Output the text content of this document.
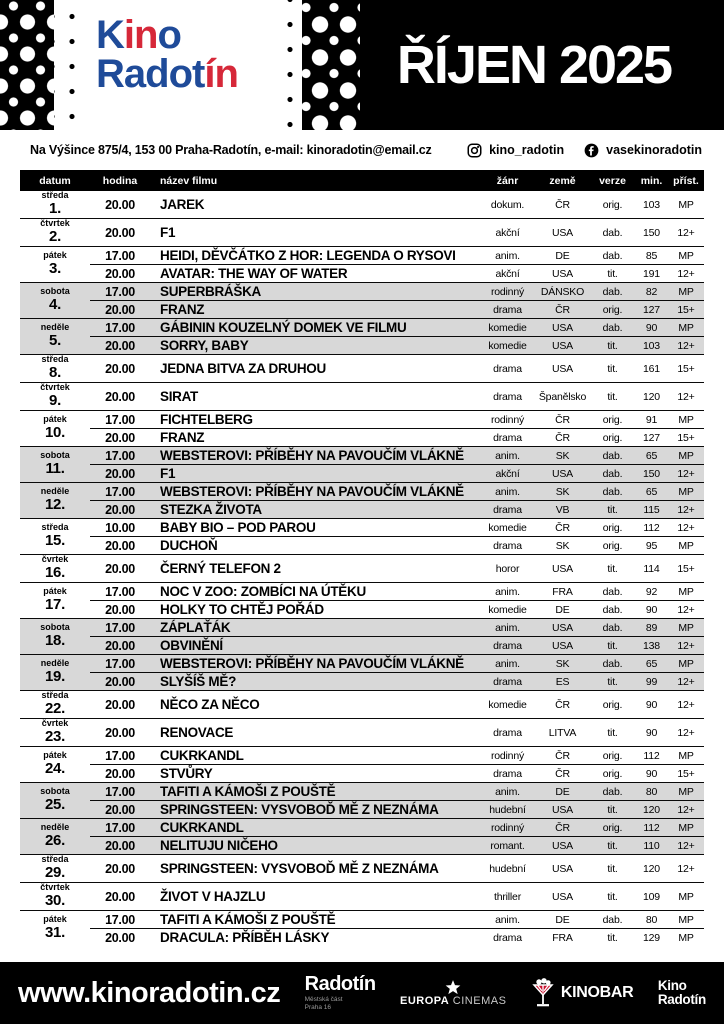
Kino
Radotín	ŘÍJEN 2025
Na Výšince 875/4, 153 00 Praha-Radotín, e-mail: kinoradotin@email.cz	kino_radotin	vasekinoradotin
datum	hodina	název filmu	žánr	země	verze	min.	příst.
středa
1.	20.00	JAREK	dokum.	ČR	orig.	103	MP
čtvrtek
2.	20.00	F1	akční	USA	dab.	150	12+
pátek
3.
17.00	HEIDI, DĚVČÁTKO Z HOR: LEGENDA O RYSOVI	anim.	DE	dab.	85	MP
20.00	AVATAR: THE WAY OF WATER	akční	USA	tit.	191	12+
sobota
4.
17.00	SUPERBRÁŠKA	rodinný	DÁNSKO	dab.	82	MP
20.00	FRANZ	drama	ČR	orig.	127	15+
neděle
5.
17.00	GÁBININ KOUZELNÝ DOMEK VE FILMU	komedie	USA	dab.	90	MP
20.00	SORRY, BABY	komedie	USA	tit.	103	12+
středa
8.	20.00	JEDNA BITVA ZA DRUHOU	drama	USA	tit.	161	15+
čtvrtek
9.	20.00	SIRAT	drama	Španělsko	tit.	120	12+
pátek
10.
17.00	FICHTELBERG	rodinný	ČR	orig.	91	MP
20.00	FRANZ	drama	ČR	orig.	127	15+
sobota
11.
17.00	WEBSTEROVI: PŘÍBĚHY NA PAVOUČÍM VLÁKNĚ	anim.	SK	dab.	65	MP
20.00	F1	akční	USA	dab.	150	12+
neděle
12.
17.00	WEBSTEROVI: PŘÍBĚHY NA PAVOUČÍM VLÁKNĚ	anim.	SK	dab.	65	MP
20.00	STEZKA ŽIVOTA	drama	VB	tit.	115	12+
středa
15.
10.00	BABY BIO – POD PAROU	komedie	ČR	orig.	112	12+
20.00	DUCHOŇ	drama	SK	orig.	95	MP
čvrtek
16.	20.00	ČERNÝ TELEFON 2	horor	USA	tit.	114	15+
pátek
17.
17.00	NOC V ZOO: ZOMBÍCI NA ÚTĚKU	anim.	FRA	dab.	92	MP
20.00	HOLKY TO CHTĚJ POŘÁD	komedie	DE	dab.	90	12+
sobota
18.
17.00	ZÁPLAŤÁK	anim.	USA	dab.	89	MP
20.00	OBVINĚNÍ	drama	USA	tit.	138	12+
neděle
19.
17.00	WEBSTEROVI: PŘÍBĚHY NA PAVOUČÍM VLÁKNĚ	anim.	SK	dab.	65	MP
20.00	SLYŠÍŠ MĚ?	drama	ES	tit.	99	12+
středa
22.	20.00	NĚCO ZA NĚCO	komedie	ČR	orig.	90	12+
čvrtek
23.	20.00	RENOVACE	drama	LITVA	tit.	90	12+
pátek
24.
17.00	CUKRKANDL	rodinný	ČR	orig.	112	MP
20.00	STVŮRY	drama	ČR	orig.	90	15+
sobota
25.
17.00	TAFITI A KÁMOŠI Z POUŠTĚ	anim.	DE	dab.	80	MP
20.00	SPRINGSTEEN: VYSVOBOĎ MĚ Z NEZNÁMA	hudební	USA	tit.	120	12+
neděle
26.
17.00	CUKRKANDL	rodinný	ČR	orig.	112	MP
20.00	NELITUJU NIČEHO	romant.	USA	tit.	110	12+
středa
29.	20.00	SPRINGSTEEN: VYSVOBOĎ MĚ Z NEZNÁMA	hudební	USA	tit.	120	12+
čtvrtek
30.	20.00	ŽIVOT V HAJZLU	thriller	USA	tit.	109	MP
pátek
31.
17.00	TAFITI A KÁMOŠI Z POUŠTĚ	anim.	DE	dab.	80	MP
20.00	DRACULA: PŘÍBĚH LÁSKY	drama	FRA	tit.	129	MP
www.kinoradotin.cz Radotín
Městská část
Praha 16
EUROPA CINEMAS	KINOBAR Kino
Radotín
